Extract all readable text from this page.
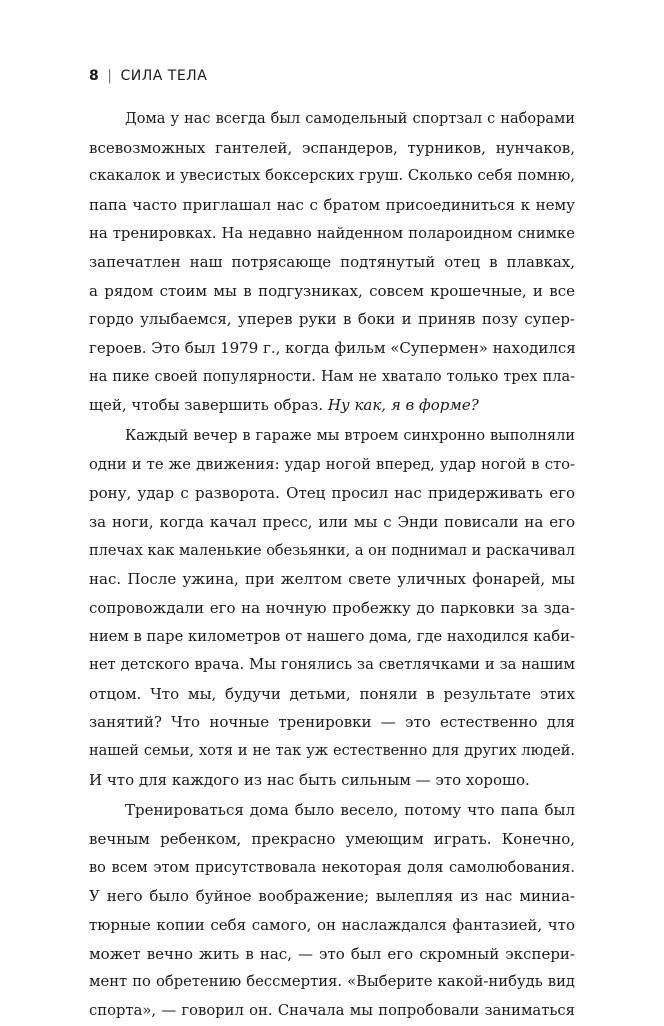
8 | СИЛА ТЕЛА
Дома у нас всегда был самодельный спортзал с наборами
всевозможных гантелей, эспандеров, турников, нунчаков,
скакалок и увесистых боксерских груш. Сколько себя помню,
папа часто приглашал нас с братом присоединиться к нему
на тренировках. На недавно найденном полароидном снимке
запечатлен наш потрясающе подтянутый отец в плавках,
а рядом стоим мы в подгузниках, совсем крошечные, и все
гордо улыбаемся, уперев руки в боки и приняв позу супер-
героев. Это был 1979 г., когда фильм «Супермен» находился
на пике своей популярности. Нам не хватало только трех пла-
щей, чтобы завершить образ. Ну как, я в форме?
Каждый вечер в гараже мы втроем синхронно выполняли
одни и те же движения: удар ногой вперед, удар ногой в сто-
рону, удар с разворота. Отец просил нас придерживать его
за ноги, когда качал пресс, или мы с Энди повисали на его
плечах как маленькие обезьянки, а он поднимал и раскачивал
нас. После ужина, при желтом свете уличных фонарей, мы
сопровождали его на ночную пробежку до парковки за зда-
нием в паре километров от нашего дома, где находился каби-
нет детского врача. Мы гонялись за светлячками и за нашим
отцом. Что мы, будучи детьми, поняли в результате этих
занятий? Что ночные тренировки — это естественно для
нашей семьи, хотя и не так уж естественно для других людей.
И что для каждого из нас быть сильным — это хорошо.
Тренироваться дома было весело, потому что папа был
вечным ребенком, прекрасно умеющим играть. Конечно,
во всем этом присутствовала некоторая доля самолюбования.
У него было буйное воображение; вылепляя из нас миниа-
тюрные копии себя самого, он наслаждался фантазией, что
может вечно жить в нас, — это был его скромный экспери-
мент по обретению бессмертия. «Выберите какой-нибудь вид
спорта», — говорил он. Сначала мы попробовали заниматься
